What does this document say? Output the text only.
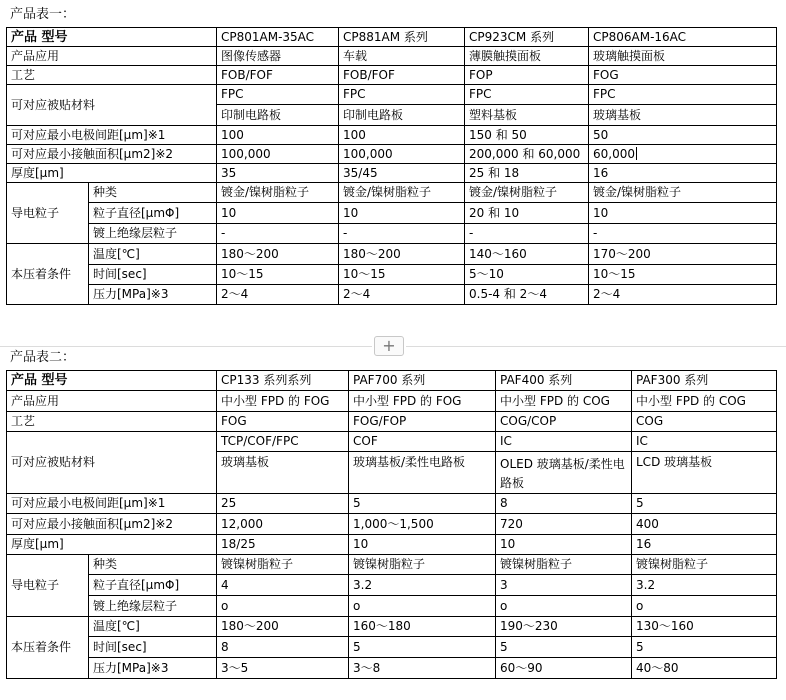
产品表一：
产品 型号		CP801AM-35AC	CP881AM 系列	CP923CM 系列	CP806AM-16AC
产品应用		图像传感器	车载	薄膜触摸面板	玻璃触摸面板
工艺		FOB/FOF	FOB/FOF	FOP	FOG
可对应被贴材料		FPC	FPC	FPC	FPC
		印制电路板	印制电路板	塑料基板	玻璃基板
可对应最小电极间距[μm]※1		100	100	150 和 50	50
可对应最小接触面积[μm2]※2		100,000	100,000	200,000 和 60,000	60,000
厚度[μm]		35	35/45	25 和 18	16
导电粒子	种类	镀金/镍树脂粒子	镀金/镍树脂粒子	镀金/镍树脂粒子	镀金/镍树脂粒子
	粒子直径[μmΦ]	10	10	20 和 10	10
	镀上绝缘层粒子	-	-	-	-
本压着条件	温度[℃]	180～200	180～200	140～160	170～200
	时间[sec]	10～15	10～15	5～10	10～15
	压力[MPa]※3	2～4	2～4	0.5-4 和 2～4	2～4
+
产品表二：
产品 型号		CP133 系列系列	PAF700 系列	PAF400 系列	PAF300 系列
产品应用		中小型 FPD 的 FOG	中小型 FPD 的 FOG	中小型 FPD 的 COG	中小型 FPD 的 COG
工艺		FOG	FOG/FOP	COG/COP	COG
可对应被贴材料		TCP/COF/FPC	COF	IC	IC
		玻璃基板	玻璃基板/柔性电路板	OLED 玻璃基板/柔性电路板	LCD 玻璃基板
可对应最小电极间距[μm]※1		25	5	8	5
可对应最小接触面积[μm2]※2		12,000	1,000～1,500	720	400
厚度[μm]		18/25	10	10	16
导电粒子	种类	镀镍树脂粒子	镀镍树脂粒子	镀镍树脂粒子	镀镍树脂粒子
	粒子直径[μmΦ]	4	3.2	3	3.2
	镀上绝缘层粒子	o	o	o	o
本压着条件	温度[℃]	180～200	160～180	190～230	130～160
	时间[sec]	8	5	5	5
	压力[MPa]※3	3～5	3～8	60～90	40～80
